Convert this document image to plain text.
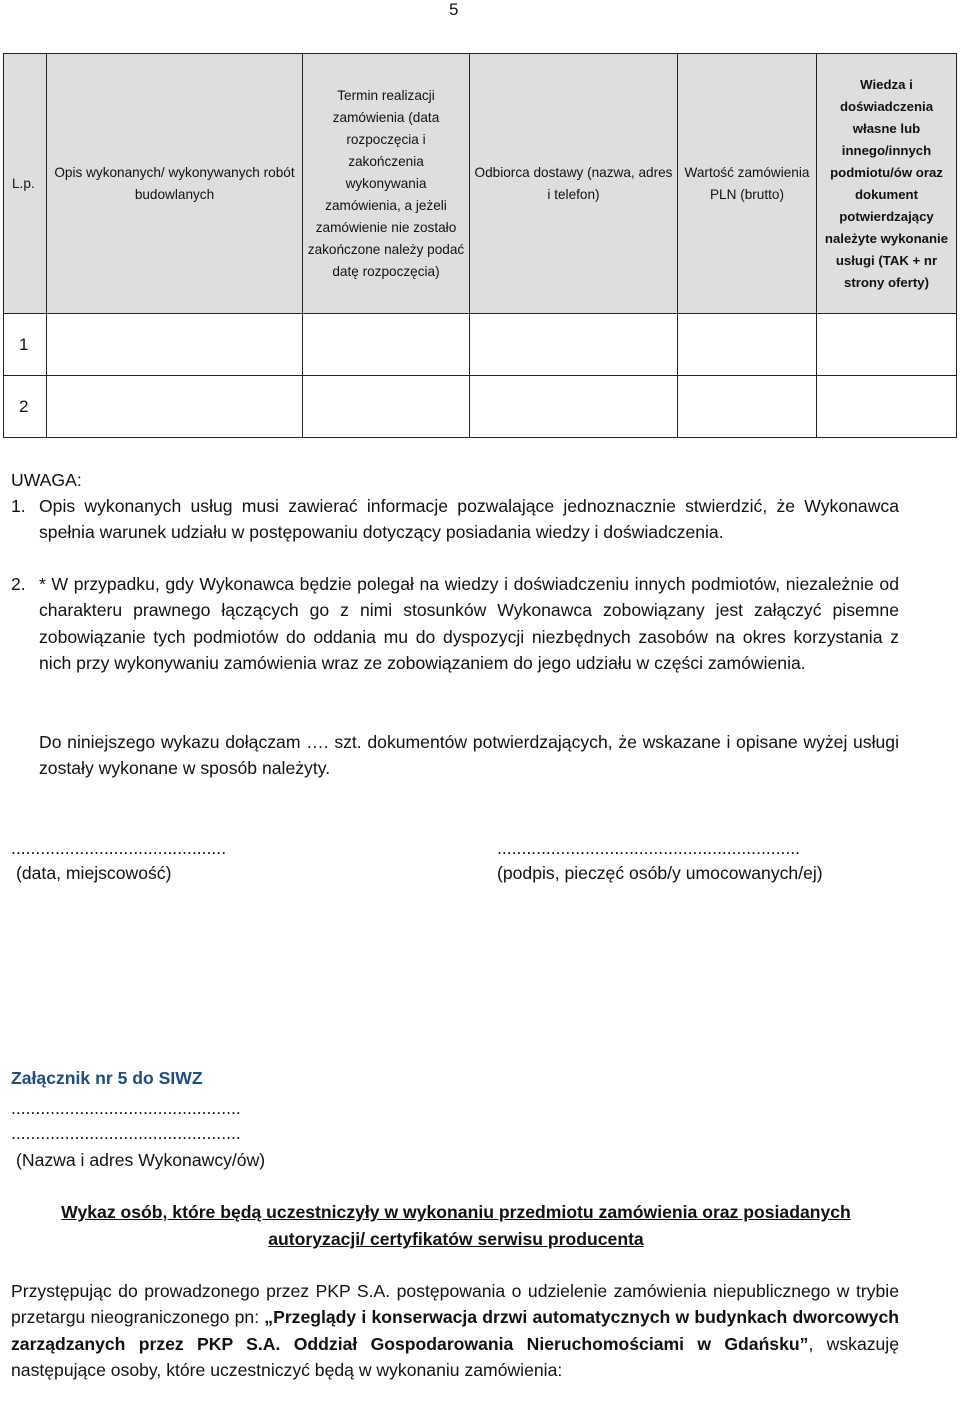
5
L.p.	Opis wykonanych/ wykonywanych robót budowlanych	Termin realizacji zamówienia (data rozpoczęcia i zakończenia wykonywania zamówienia, a jeżeli zamówienie nie zostało zakończone należy podać datę rozpoczęcia)	Odbiorca dostawy (nazwa, adres i telefon)	Wartość zamówienia PLN (brutto)	Wiedza i doświadczenia własne lub innego/innych podmiotu/ów oraz dokument potwierdzający należyte wykonanie usługi (TAK + nr strony oferty)
1					
2					
UWAGA:
1. Opis wykonanych usług musi zawierać informacje pozwalające jednoznacznie stwierdzić, że Wykonawca spełnia warunek udziału w postępowaniu dotyczący posiadania wiedzy i doświadczenia.
2. * W przypadku, gdy Wykonawca będzie polegał na wiedzy i doświadczeniu innych podmiotów, niezależnie od charakteru prawnego łączących go z nimi stosunków Wykonawca zobowiązany jest załączyć pisemne zobowiązanie tych podmiotów do oddania mu do dyspozycji niezbędnych zasobów na okres korzystania z nich przy wykonywaniu zamówienia wraz ze zobowiązaniem do jego udziału w części zamówienia.
Do niniejszego wykazu dołączam …. szt. dokumentów potwierdzających, że wskazane i opisane wyżej usługi zostały wykonane w sposób należyty.
............................................
(data, miejscowość)
..............................................................
(podpis, pieczęć osób/y umocowanych/ej)
Załącznik nr 5 do SIWZ
...............................................
...............................................
(Nazwa i adres Wykonawcy/ów)
Wykaz osób, które będą uczestniczyły w wykonaniu przedmiotu zamówienia oraz posiadanych
autoryzacji/ certyfikatów serwisu producenta
Przystępując do prowadzonego przez PKP S.A. postępowania o udzielenie zamówienia niepublicznego w trybie przetargu nieograniczonego pn: „Przeglądy i konserwacja drzwi automatycznych w budynkach dworcowych zarządzanych przez PKP S.A. Oddział Gospodarowania Nieruchomościami w Gdańsku”, wskazuję następujące osoby, które uczestniczyć będą w wykonaniu zamówienia:
